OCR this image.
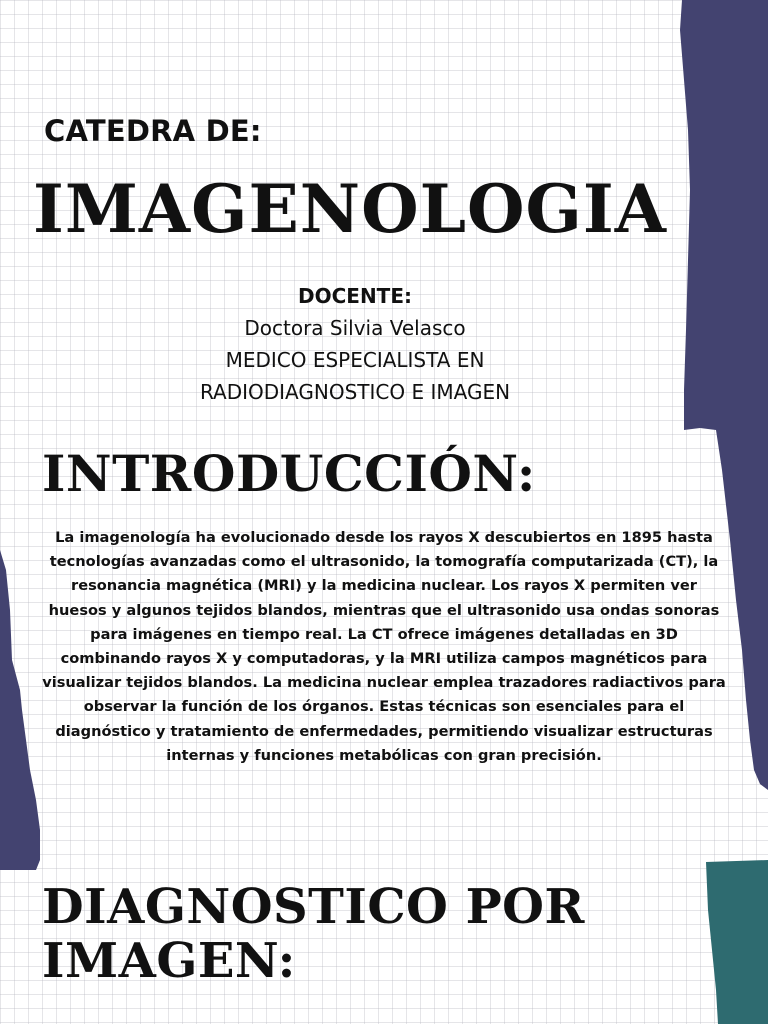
CATEDRA DE:
IMAGENOLOGIA
DOCENTE:
Doctora Silvia Velasco
MEDICO ESPECIALISTA EN
RADIODIAGNOSTICO E IMAGEN
INTRODUCCIÓN:

La imagenología ha evolucionado desde los rayos X descubiertos en 1895 hasta tecnologías avanzadas como el ultrasonido, la tomografía computarizada (CT), la resonancia magnética (MRI) y la medicina nuclear. Los rayos X permiten ver huesos y algunos tejidos blandos, mientras que el ultrasonido usa ondas sonoras para imágenes en tiempo real. La CT ofrece imágenes detalladas en 3D combinando rayos X y computadoras, y la MRI utiliza campos magnéticos para visualizar tejidos blandos. La medicina nuclear emplea trazadores radiactivos para observar la función de los órganos. Estas técnicas son esenciales para el diagnóstico y tratamiento de enfermedades, permitiendo visualizar estructuras internas y funciones metabólicas con gran precisión.

DIAGNOSTICO POR IMAGEN:
